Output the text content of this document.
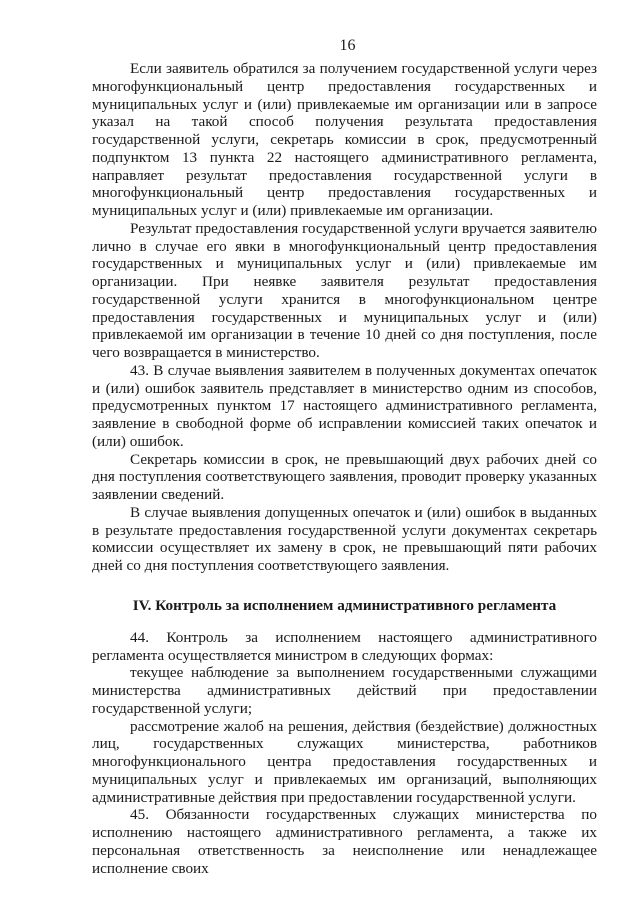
16

Если заявитель обратился за получением государственной услуги через многофункциональный центр предоставления государственных и муниципальных услуг и (или) привлекаемые им организации или в запросе указал на такой способ получения результата предоставления государственной услуги, секретарь комиссии в срок, предусмотренный подпунктом 13 пункта 22 настоящего административного регламента, направляет результат предоставления государственной услуги в многофункциональный центр предоставления государственных и муниципальных услуг и (или) привлекаемые им организации.

Результат предоставления государственной услуги вручается заявителю лично в случае его явки в многофункциональный центр предоставления государственных и муниципальных услуг и (или) привлекаемые им организации. При неявке заявителя результат предоставления государственной услуги хранится в многофункциональном центре предоставления государственных и муниципальных услуг и (или) привлекаемой им организации в течение 10 дней со дня поступления, после чего возвращается в министерство.

43. В случае выявления заявителем в полученных документах опечаток и (или) ошибок заявитель представляет в министерство одним из способов, предусмотренных пунктом 17 настоящего административного регламента, заявление в свободной форме об исправлении комиссией таких опечаток и (или) ошибок.

Секретарь комиссии в срок, не превышающий двух рабочих дней со дня поступления соответствующего заявления, проводит проверку указанных заявлении сведений.

В случае выявления допущенных опечаток и (или) ошибок в выданных в результате предоставления государственной услуги документах секретарь комиссии осуществляет их замену в срок, не превышающий пяти рабочих дней со дня поступления соответствующего заявления.

IV. Контроль за исполнением административного регламента

44. Контроль за исполнением настоящего административного регламента осуществляется министром в следующих формах:

текущее наблюдение за выполнением государственными служащими министерства административных действий при предоставлении государственной услуги;

рассмотрение жалоб на решения, действия (бездействие) должностных лиц, государственных служащих министерства, работников многофункционального центра предоставления государственных и муниципальных услуг и привлекаемых им организаций, выполняющих административные действия при предоставлении государственной услуги.

45. Обязанности государственных служащих министерства по исполнению настоящего административного регламента, а также их персональная ответственность за неисполнение или ненадлежащее исполнение своих
